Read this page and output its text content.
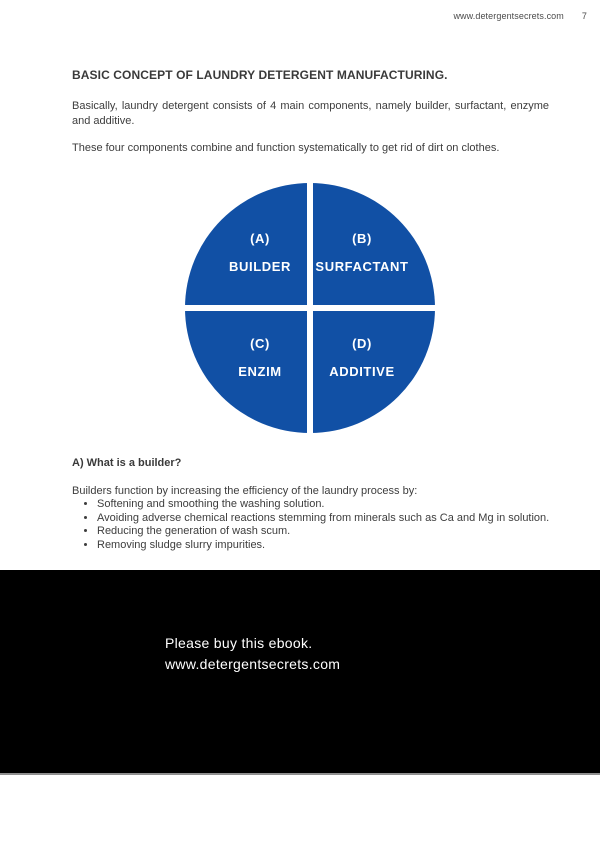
www.detergentsecrets.com 7
BASIC CONCEPT OF LAUNDRY DETERGENT MANUFACTURING.

Basically, laundry detergent consists of 4 main components, namely builder, surfactant, enzyme and additive.

These four components combine and function systematically to get rid of dirt on clothes.

(A)
BUILDER
(B)
SURFACTANT
(C)
ENZIM
(D)
ADDITIVE
A) What is a builder?

Builders function by increasing the efficiency of the laundry process by:

• Softening and smoothing the washing solution.
• Avoiding adverse chemical reactions stemming from minerals such as Ca and Mg in solution.
• Reducing the generation of wash scum.
• Removing sludge slurry impurities.
Please buy this ebook.
www.detergentsecrets.com
